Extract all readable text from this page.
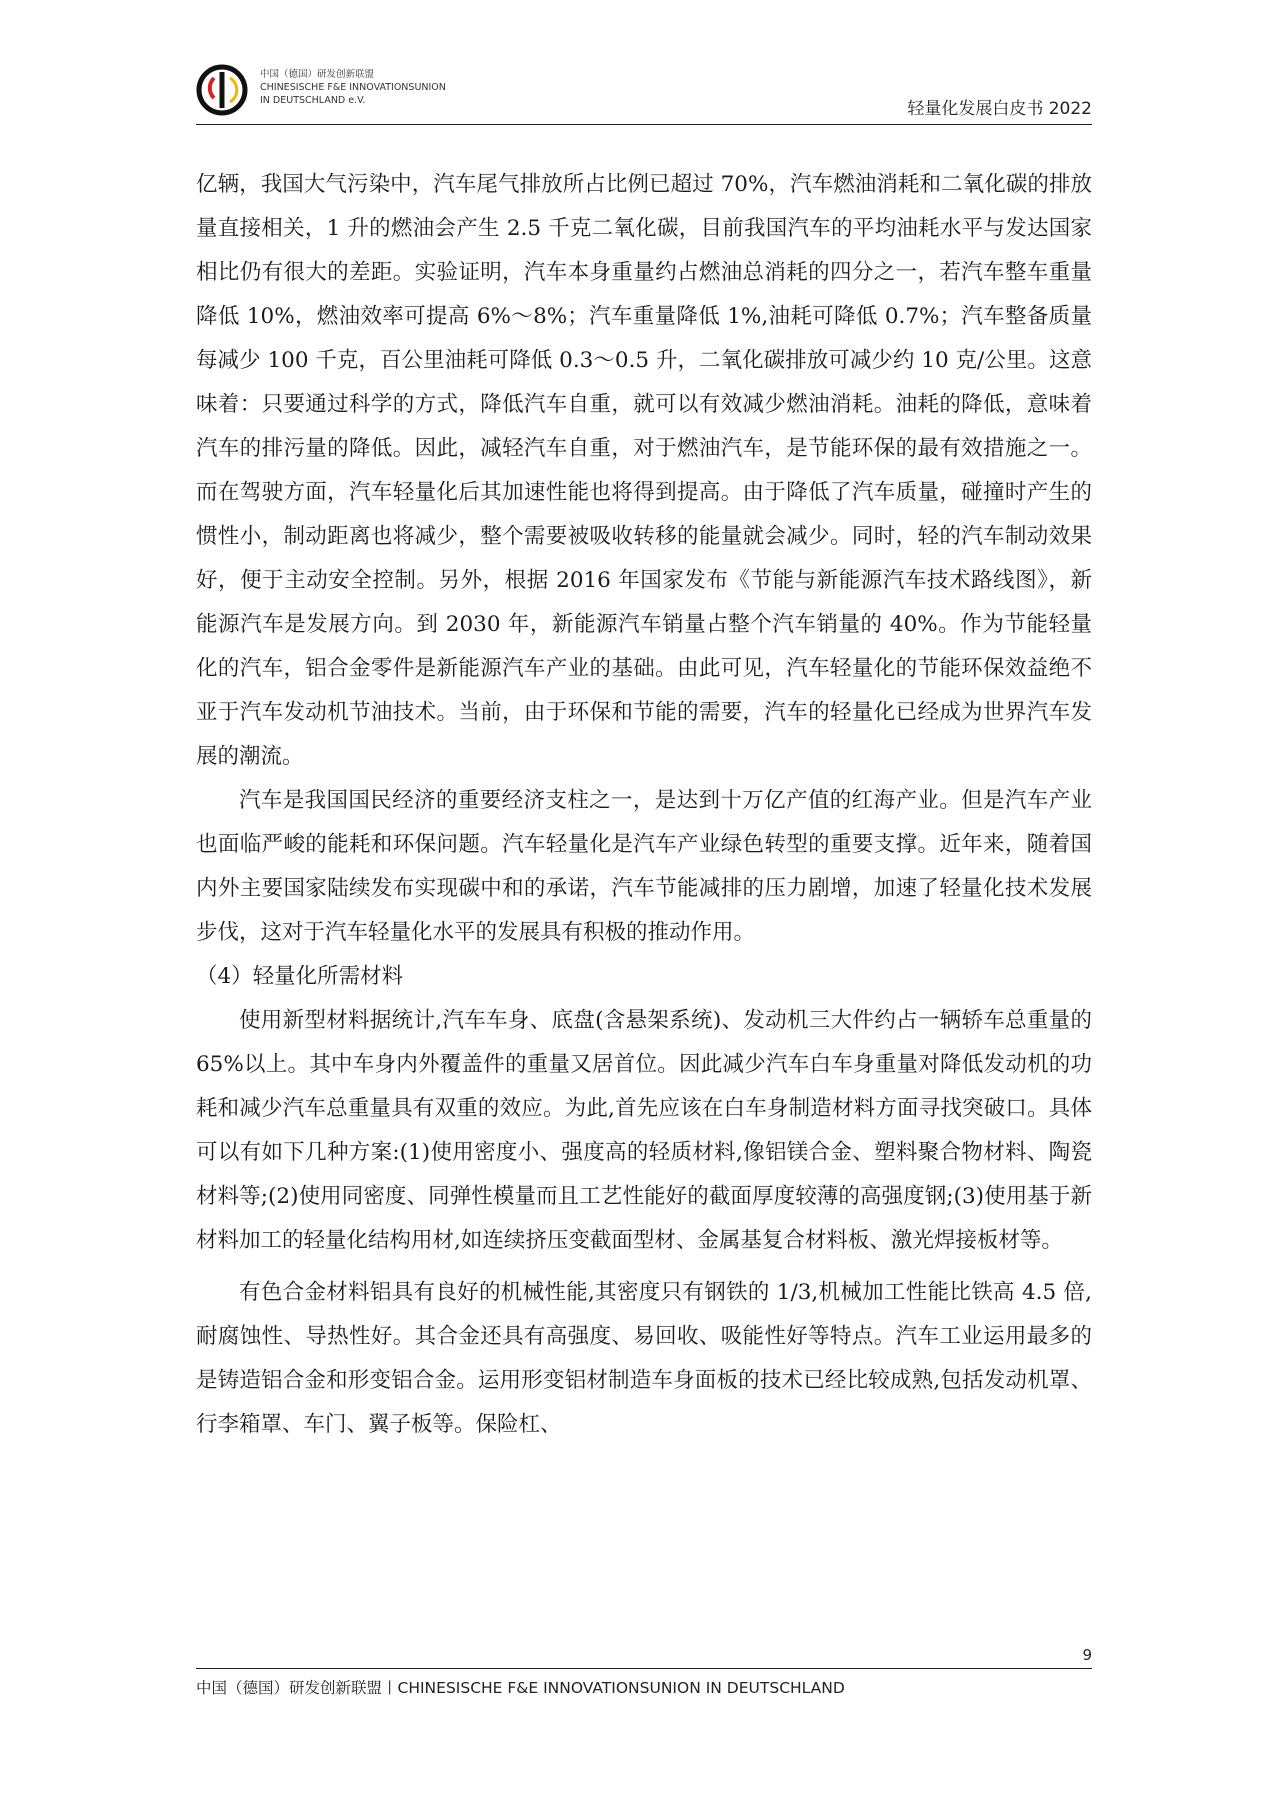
中国（德国）研发创新联盟
CHINESISCHE F&E INNOVATIONSUNION
IN DEUTSCHLAND e.V.	轻量化发展白皮书 2022

亿辆，我国大气污染中，汽车尾气排放所占比例已超过 70%，汽车燃油消耗和二氧化碳的排放量直接相关，1 升的燃油会产生 2.5 千克二氧化碳，目前我国汽车的平均油耗水平与发达国家相比仍有很大的差距。实验证明，汽车本身重量约占燃油总消耗的四分之一，若汽车整车重量降低 10%，燃油效率可提高 6%～8%；汽车重量降低 1%,油耗可降低 0.7%；汽车整备质量每减少 100 千克，百公里油耗可降低 0.3～0.5 升，二氧化碳排放可减少约 10 克/公里。这意味着：只要通过科学的方式，降低汽车自重，就可以有效减少燃油消耗。油耗的降低，意味着汽车的排污量的降低。因此，减轻汽车自重，对于燃油汽车，是节能环保的最有效措施之一。而在驾驶方面，汽车轻量化后其加速性能也将得到提高。由于降低了汽车质量，碰撞时产生的惯性小，制动距离也将减少，整个需要被吸收转移的能量就会减少。同时，轻的汽车制动效果好，便于主动安全控制。另外，根据 2016 年国家发布《节能与新能源汽车技术路线图》，新能源汽车是发展方向。到 2030 年，新能源汽车销量占整个汽车销量的 40%。作为节能轻量化的汽车，铝合金零件是新能源汽车产业的基础。由此可见，汽车轻量化的节能环保效益绝不亚于汽车发动机节油技术。当前，由于环保和节能的需要，汽车的轻量化已经成为世界汽车发展的潮流。

汽车是我国国民经济的重要经济支柱之一，是达到十万亿产值的红海产业。但是汽车产业也面临严峻的能耗和环保问题。汽车轻量化是汽车产业绿色转型的重要支撑。近年来，随着国内外主要国家陆续发布实现碳中和的承诺，汽车节能减排的压力剧增，加速了轻量化技术发展步伐，这对于汽车轻量化水平的发展具有积极的推动作用。

（4）轻量化所需材料

使用新型材料据统计,汽车车身、底盘(含悬架系统)、发动机三大件约占一辆轿车总重量的 65%以上。其中车身内外覆盖件的重量又居首位。因此减少汽车白车身重量对降低发动机的功耗和减少汽车总重量具有双重的效应。为此,首先应该在白车身制造材料方面寻找突破口。具体可以有如下几种方案:(1)使用密度小、强度高的轻质材料,像铝镁合金、塑料聚合物材料、陶瓷材料等;(2)使用同密度、同弹性模量而且工艺性能好的截面厚度较薄的高强度钢;(3)使用基于新材料加工的轻量化结构用材,如连续挤压变截面型材、金属基复合材料板、激光焊接板材等。

有色合金材料铝具有良好的机械性能,其密度只有钢铁的 1/3,机械加工性能比铁高 4.5 倍,耐腐蚀性、导热性好。其合金还具有高强度、易回收、吸能性好等特点。汽车工业运用最多的是铸造铝合金和形变铝合金。运用形变铝材制造车身面板的技术已经比较成熟,包括发动机罩、行李箱罩、车门、翼子板等。保险杠、

9
中国（德国）研发创新联盟丨CHINESISCHE F&E INNOVATIONSUNION IN DEUTSCHLAND
